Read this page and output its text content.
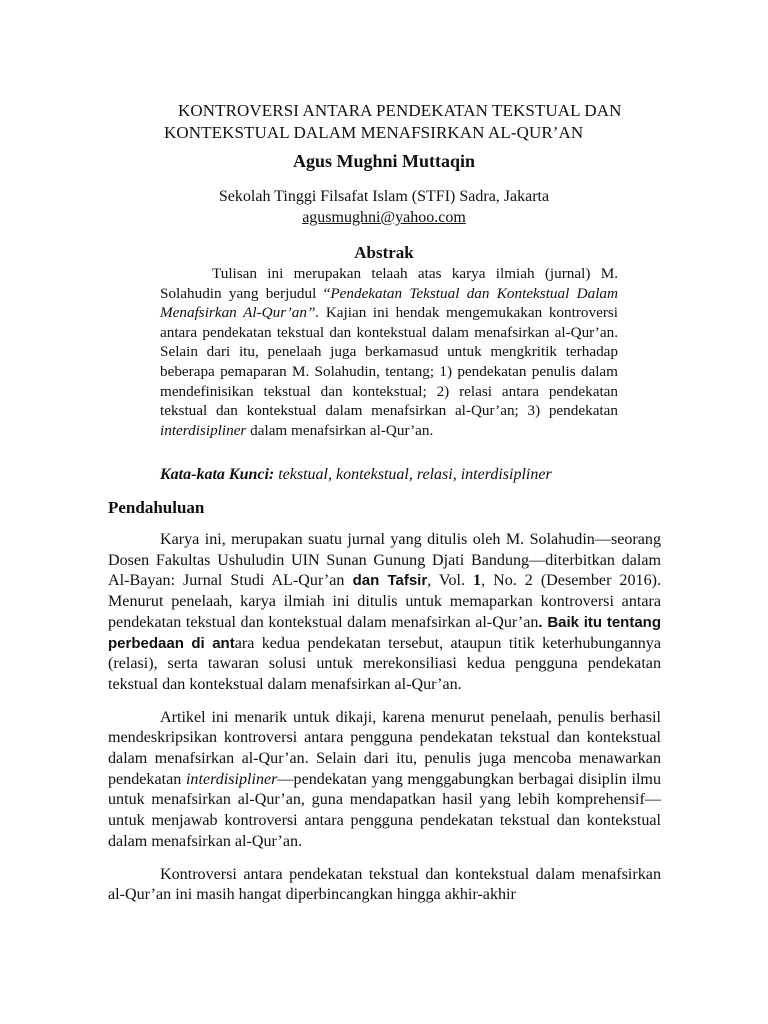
KONTROVERSI ANTARA PENDEKATAN TEKSTUAL DAN
KONTEKSTUAL DALAM MENAFSIRKAN AL-QUR’AN
Agus Mughni Muttaqin
Sekolah Tinggi Filsafat Islam (STFI) Sadra, Jakarta
agusmughni@yahoo.com
Abstrak

Tulisan ini merupakan telaah atas karya ilmiah (jurnal) M. Solahudin yang berjudul “Pendekatan Tekstual dan Kontekstual Dalam Menafsirkan Al-Qur’an”. Kajian ini hendak mengemukakan kontroversi antara pendekatan tekstual dan kontekstual dalam menafsirkan al-Qur’an. Selain dari itu, penelaah juga berkamasud untuk mengkritik terhadap beberapa pemaparan M. Solahudin, tentang; 1) pendekatan penulis dalam mendefinisikan tekstual dan kontekstual; 2) relasi antara pendekatan tekstual dan kontekstual dalam menafsirkan al-Qur’an; 3) pendekatan interdisipliner dalam menafsirkan al-Qur’an.

Kata-kata Kunci: tekstual, kontekstual, relasi, interdisipliner
Pendahuluan

Karya ini, merupakan suatu jurnal yang ditulis oleh M. Solahudin—seorang Dosen Fakultas Ushuludin UIN Sunan Gunung Djati Bandung—diterbitkan dalam Al-Bayan: Jurnal Studi AL-Qur’an dan Tafsir, Vol. 1, No. 2 (Desember 2016). Menurut penelaah, karya ilmiah ini ditulis untuk memaparkan kontroversi antara pendekatan tekstual dan kontekstual dalam menafsirkan al-Qur’an. Baik itu tentang perbedaan di antara kedua pendekatan tersebut, ataupun titik keterhubungannya (relasi), serta tawaran solusi untuk merekonsiliasi kedua pengguna pendekatan tekstual dan kontekstual dalam menafsirkan al-Qur’an.

Artikel ini menarik untuk dikaji, karena menurut penelaah, penulis berhasil mendeskripsikan kontroversi antara pengguna pendekatan tekstual dan kontekstual dalam menafsirkan al-Qur’an. Selain dari itu, penulis juga mencoba menawarkan pendekatan interdisipliner—pendekatan yang menggabungkan berbagai disiplin ilmu untuk menafsirkan al-Qur’an, guna mendapatkan hasil yang lebih komprehensif—untuk menjawab kontroversi antara pengguna pendekatan tekstual dan kontekstual dalam menafsirkan al-Qur’an.

Kontroversi antara pendekatan tekstual dan kontekstual dalam menafsirkan al-Qur’an ini masih hangat diperbincangkan hingga akhir-akhir
